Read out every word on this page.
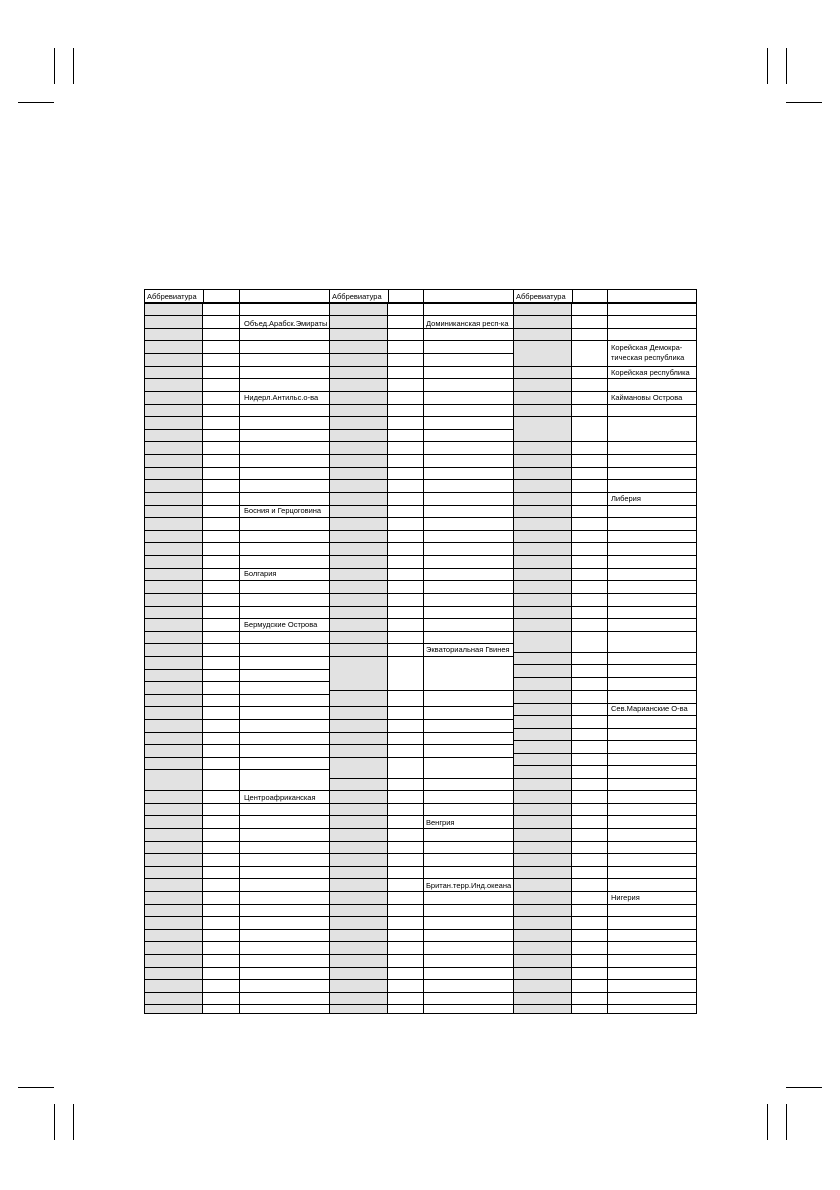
Аббревиатура
Объед.Арабск.Эмираты
Нидерл.Антильс.о-ва
Босния и Герцоговина
Болгария
Бермудские Острова
Центроафриканская
Аббревиатура
Доминиканская респ-ка
Экваториальная Гвинея
Венгрия
Британ.терр.Инд.океана
Аббревиатура
Корейская Демокра-
тическая республика
Корейская республика
Каймановы Острова
Либерия
Сев.Марианские О-ва
Нигерия
